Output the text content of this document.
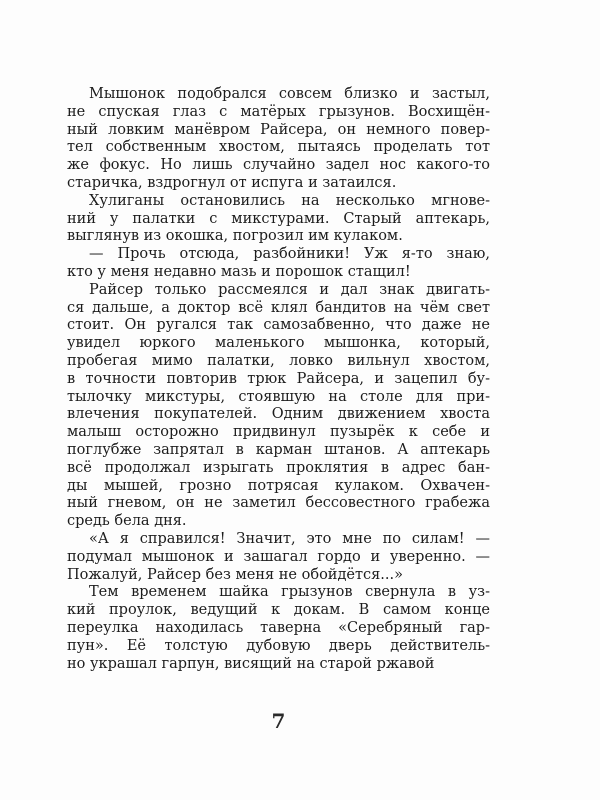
Мышонок подобрался совсем близко и застыл,
не спуская глаз с матёрых грызунов. Восхищён-
ный ловким манёвром Райсера, он немного повер-
тел собственным хвостом, пытаясь проделать тот
же фокус. Но лишь случайно задел нос какого-то
старичка, вздрогнул от испуга и затаился.
Хулиганы остановились на несколько мгнове-
ний у палатки с микстурами. Старый аптекарь,
выглянув из окошка, погрозил им кулаком.
— Прочь отсюда, разбойники! Уж я-то знаю,
кто у меня недавно мазь и порошок стащил!
Райсер только рассмеялся и дал знак двигать-
ся дальше, а доктор всё клял бандитов на чём свет
стоит. Он ругался так самозабвенно, что даже не
увидел юркого маленького мышонка, который,
пробегая мимо палатки, ловко вильнул хвостом,
в точности повторив трюк Райсера, и зацепил бу-
тылочку микстуры, стоявшую на столе для при-
влечения покупателей. Одним движением хвоста
малыш осторожно придвинул пузырёк к себе и
поглубже запрятал в карман штанов. А аптекарь
всё продолжал изрыгать проклятия в адрес бан-
ды мышей, грозно потрясая кулаком. Охвачен-
ный гневом, он не заметил бессовестного грабежа
средь бела дня.
«А я справился! Значит, это мне по силам! —
подумал мышонок и зашагал гордо и уверенно. —
Пожалуй, Райсер без меня не обойдётся...»
Тем временем шайка грызунов свернула в уз-
кий проулок, ведущий к докам. В самом конце
переулка находилась таверна «Серебряный гар-
пун». Её толстую дубовую дверь действитель-
но украшал гарпун, висящий на старой ржавой
7
